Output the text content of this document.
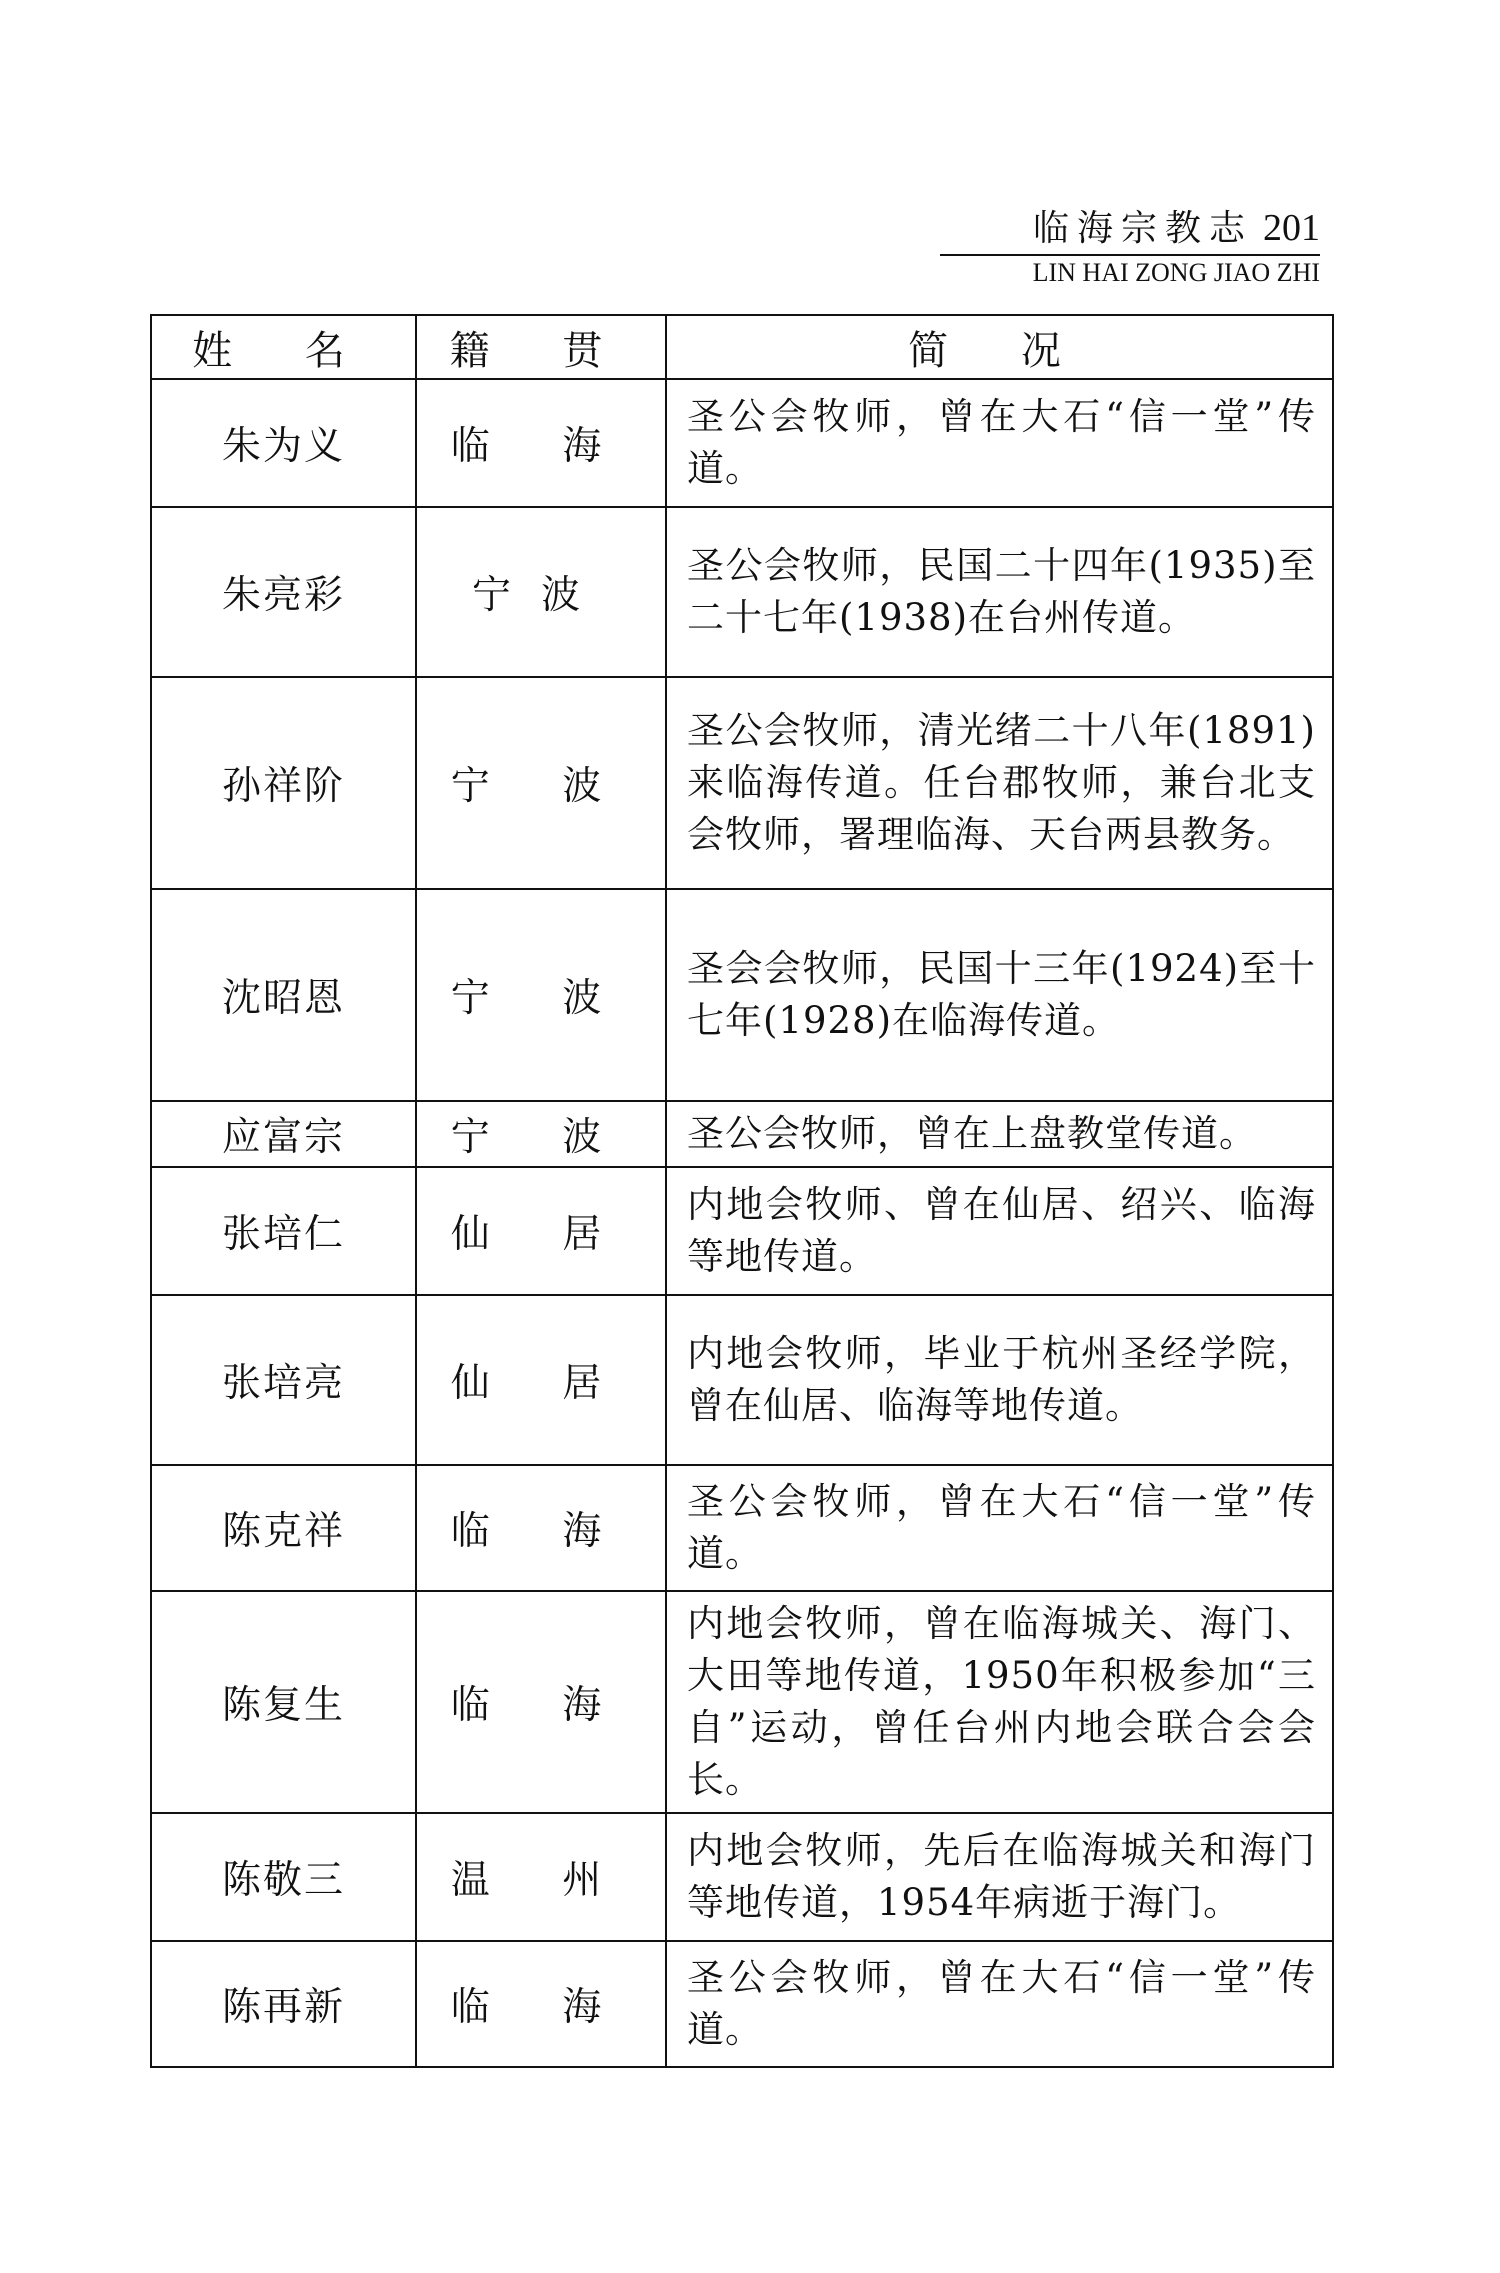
临海宗教志 201
LIN HAI ZONG JIAO ZHI
姓 名	籍 贯	简 况
朱为义	临 海	圣公会牧师，曾在大石“信一堂”传道。
朱亮彩	宁波	圣公会牧师，民国二十四年(1935)至二十七年(1938)在台州传道。
孙祥阶	宁 波	圣公会牧师，清光绪二十八年(1891)来临海传道。任台郡牧师，兼台北支会牧师，署理临海、天台两县教务。
沈昭恩	宁 波	圣会会牧师，民国十三年(1924)至十七年(1928)在临海传道。
应富宗	宁 波	圣公会牧师，曾在上盘教堂传道。
张培仁	仙 居	内地会牧师、曾在仙居、绍兴、临海等地传道。
张培亮	仙 居	内地会牧师，毕业于杭州圣经学院，曾在仙居、临海等地传道。
陈克祥	临 海	圣公会牧师，曾在大石“信一堂”传道。
陈复生	临 海	内地会牧师，曾在临海城关、海门、大田等地传道，1950年积极参加“三自”运动，曾任台州内地会联合会会长。
陈敬三	温 州	内地会牧师，先后在临海城关和海门等地传道，1954年病逝于海门。
陈再新	临 海	圣公会牧师，曾在大石“信一堂”传道。
